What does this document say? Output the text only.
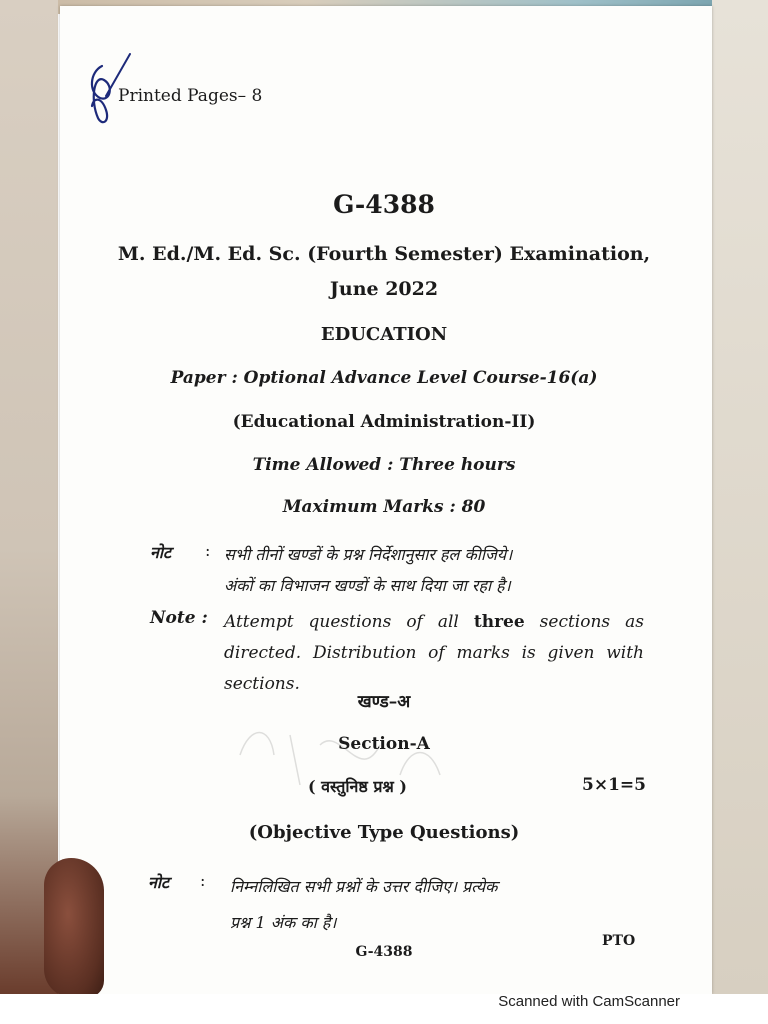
Printed Pages– 8
G-4388
M. Ed./M. Ed. Sc. (Fourth Semester) Examination,
June 2022
EDUCATION
Paper : Optional Advance Level Course-16(a)
(Educational Administration-II)
Time Allowed : Three hours
Maximum Marks : 80
नोट : सभी तीनों खण्डों के प्रश्न निर्देशानुसार हल कीजिये।
अंकों का विभाजन खण्डों के साथ दिया जा रहा है।
Note : Attempt questions of all three sections as directed. Distribution of marks is given with sections.
खण्ड–अ
Section-A
( वस्तुनिष्ठ प्रश्न )	5×1=5
(Objective Type Questions)
नोट : निम्नलिखित सभी प्रश्नों के उत्तर दीजिए। प्रत्येक
प्रश्न 1 अंक का है।
PTO
G-4388
Scanned with CamScanner
